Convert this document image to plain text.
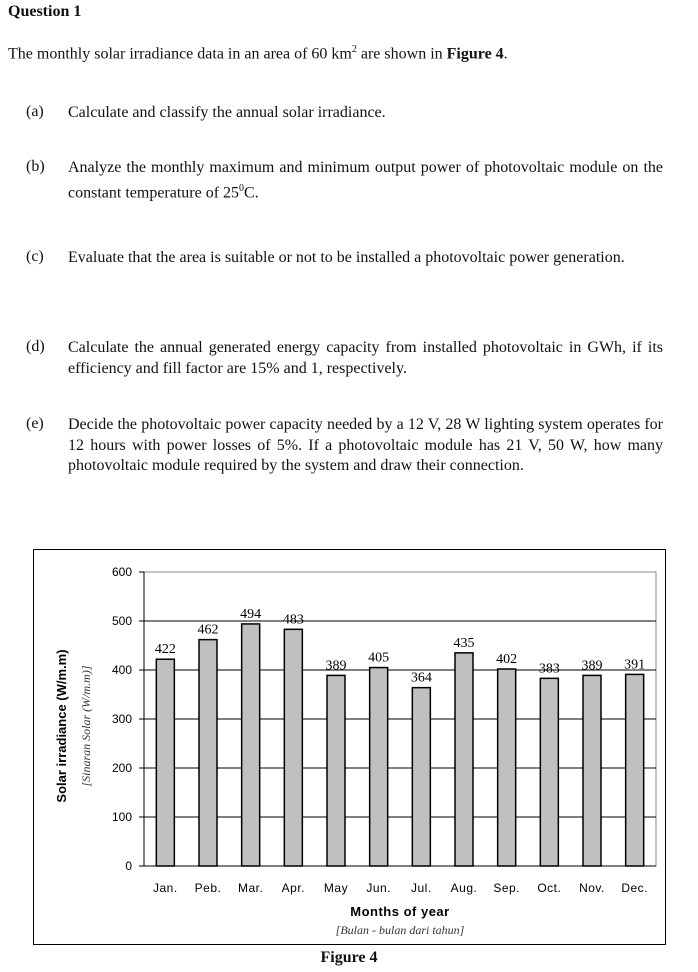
Question 1
The monthly solar irradiance data in an area of 60 $km^2$ are shown in Figure 4.
(a) Calculate and classify the annual solar irradiance.
(b) Analyze the monthly maximum and minimum output power of photovoltaic module on the constant temperature of $25^0C$.
(c) Evaluate that the area is suitable or not to be installed a photovoltaic power generation.
(d) Calculate the annual generated energy capacity from installed photovoltaic in GWh, if its efficiency and fill factor are 15% and 1, respectively.
(e) Decide the photovoltaic power capacity needed by a 12 V, 28 W lighting system operates for 12 hours with power losses of 5%. If a photovoltaic module has 21 V, 50 W, how many photovoltaic module required by the system and draw their connection.
0
100
200
300
400
500
600
422
Jan.
462
Peb.
494
Mar.
483
Apr.
389
May
405
Jun.
364
Jul.
435
Aug.
402
Sep.
383
Oct.
389
Nov.
391
Dec.
Solar irradiance (W/m.m) [Sinaran Solar (W/m.m)]
Months of year
[Bulan - bulan dari tahun]
Figure 4
